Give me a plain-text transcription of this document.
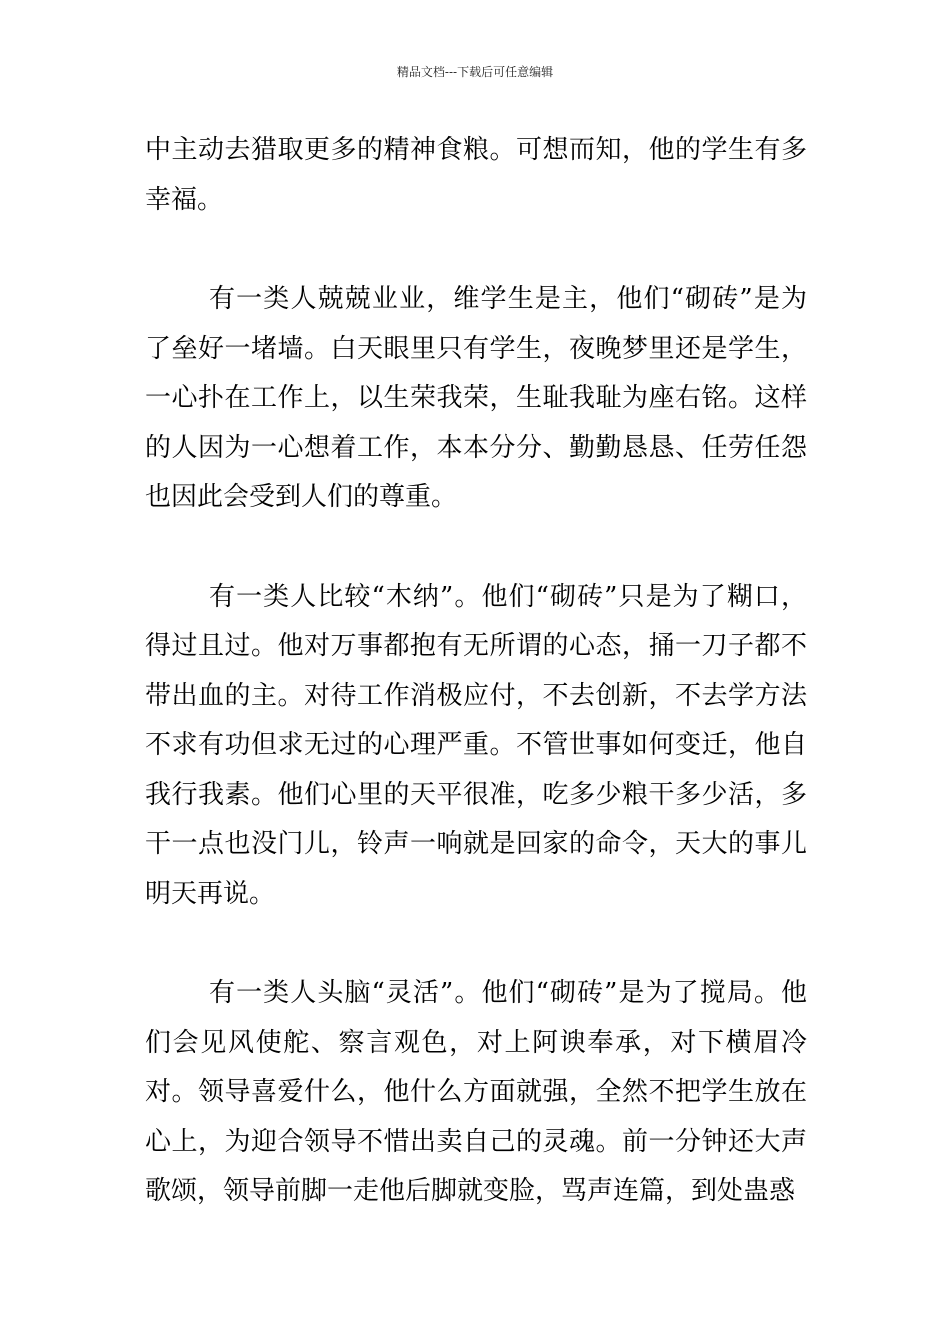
精品文档---下载后可任意编辑

中主动去猎取更多的精神食粮。可想而知，他的学生有多幸福。

有一类人兢兢业业，维学生是主，他们“砌砖”是为了垒好一堵墙。白天眼里只有学生，夜晚梦里还是学生，一心扑在工作上，以生荣我荣，生耻我耻为座右铭。这样的人因为一心想着工作，本本分分、勤勤恳恳、任劳任怨也因此会受到人们的尊重。

有一类人比较“木纳”。他们“砌砖”只是为了糊口，得过且过。他对万事都抱有无所谓的心态，捅一刀子都不带出血的主。对待工作消极应付，不去创新，不去学方法不求有功但求无过的心理严重。不管世事如何变迁，他自我行我素。他们心里的天平很准，吃多少粮干多少活，多干一点也没门儿，铃声一响就是回家的命令，天大的事儿明天再说。

有一类人头脑“灵活”。他们“砌砖”是为了搅局。他们会见风使舵、察言观色，对上阿谀奉承，对下横眉冷对。领导喜爱什么，他什么方面就强，全然不把学生放在心上，为迎合领导不惜出卖自己的灵魂。前一分钟还大声歌颂，领导前脚一走他后脚就变脸，骂声连篇，到处蛊惑
